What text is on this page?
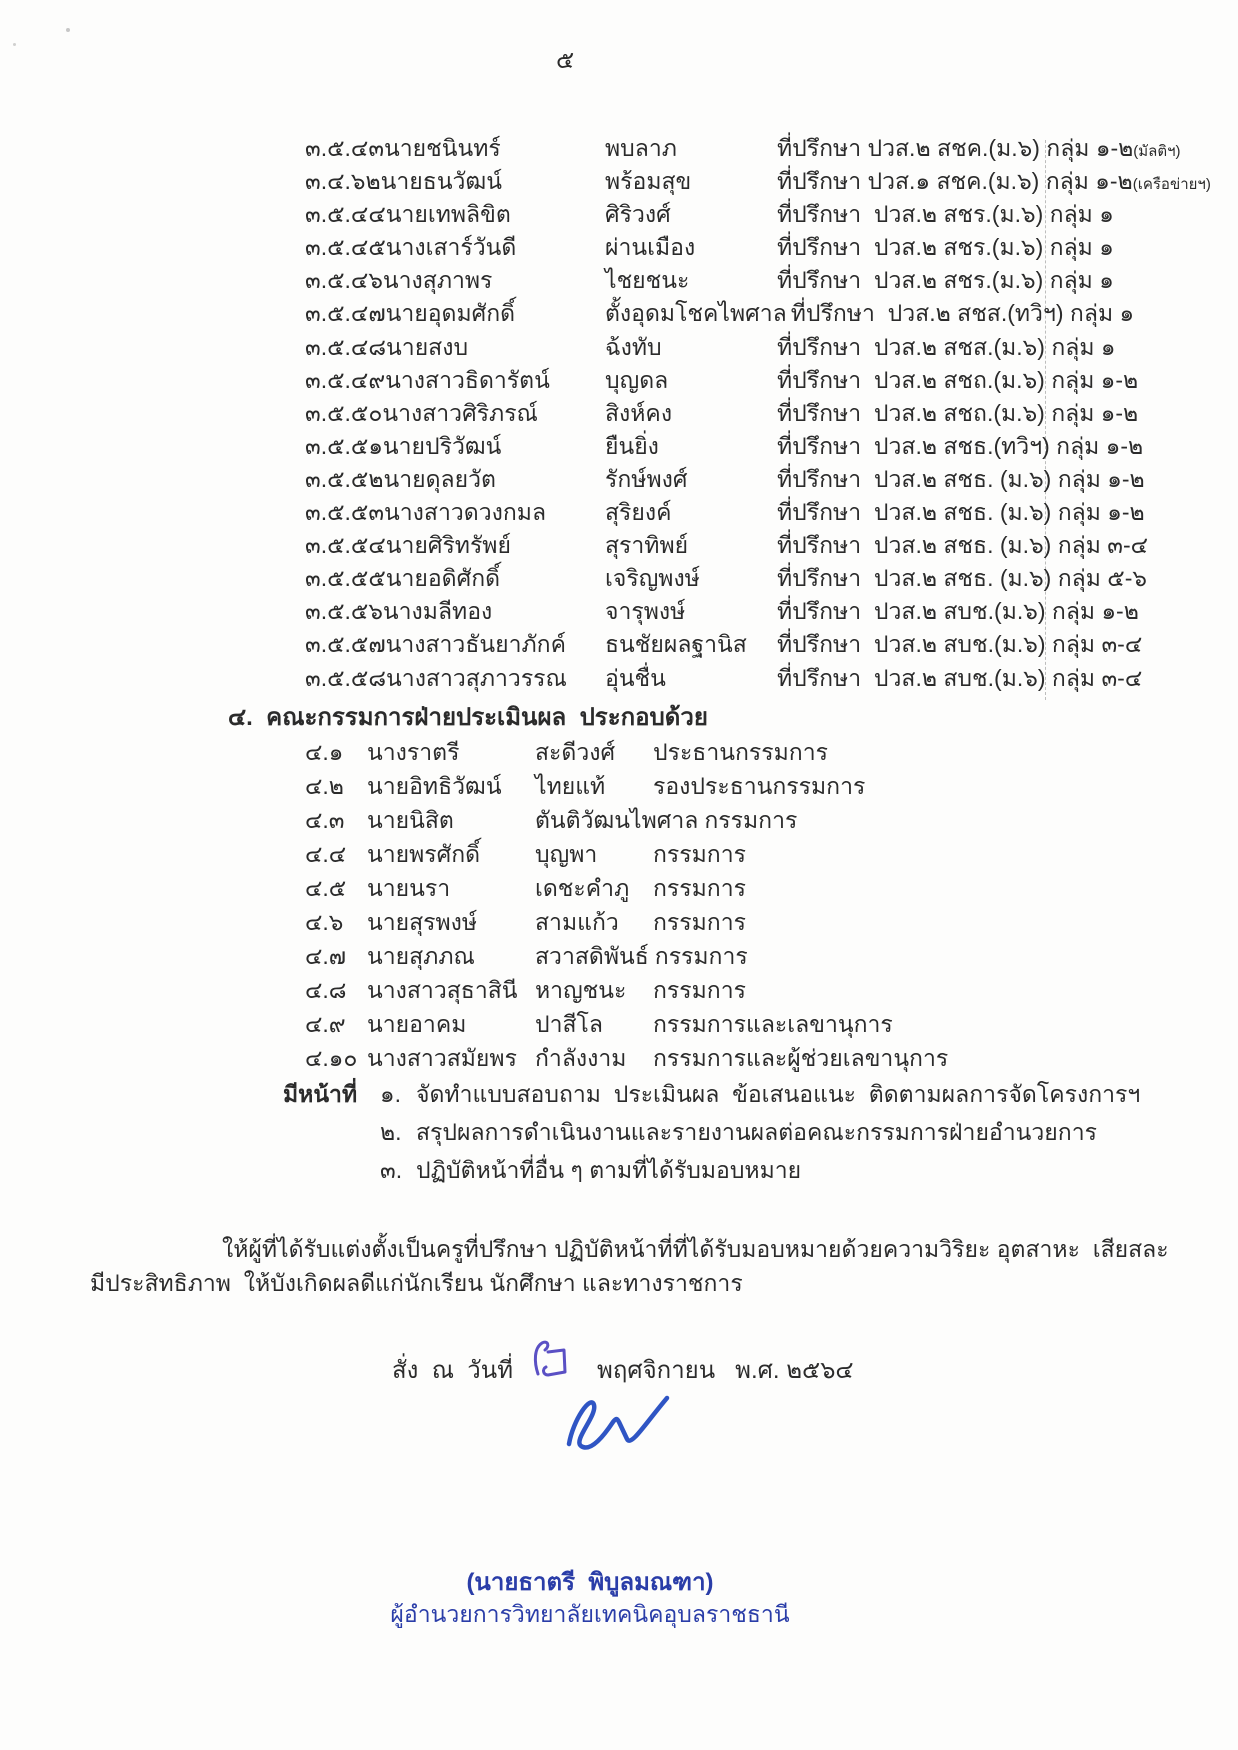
๕
๓.๕.๔๓นายชนินทร์	พบลาภ	ที่ปรึกษา ปวส.๒ สชค.(ม.๖) กลุ่ม ๑-๒(มัลติฯ)
๓.๔.๖๒นายธนวัฒน์	พร้อมสุข	ที่ปรึกษา ปวส.๑ สชค.(ม.๖) กลุ่ม ๑-๒(เครือข่ายฯ)
๓.๕.๔๔นายเทพลิขิต	ศิริวงศ์	ที่ปรึกษา  ปวส.๒ สชร.(ม.๖) กลุ่ม ๑
๓.๕.๔๕นางเสาร์วันดี	ผ่านเมือง	ที่ปรึกษา  ปวส.๒ สชร.(ม.๖) กลุ่ม ๑
๓.๕.๔๖นางสุภาพร	ไชยชนะ	ที่ปรึกษา  ปวส.๒ สชร.(ม.๖) กลุ่ม ๑
๓.๕.๔๗นายอุดมศักดิ์	ตั้งอุดมโชคไพศาล ที่ปรึกษา  ปวส.๒ สชส.(ทวิฯ) กลุ่ม ๑
๓.๕.๔๘นายสงบ	ฉ้งทับ	ที่ปรึกษา  ปวส.๒ สชส.(ม.๖) กลุ่ม ๑
๓.๕.๔๙นางสาวธิดารัตน์	บุญดล	ที่ปรึกษา  ปวส.๒ สชถ.(ม.๖) กลุ่ม ๑-๒
๓.๕.๕๐นางสาวศิริภรณ์	สิงห์คง	ที่ปรึกษา  ปวส.๒ สชถ.(ม.๖) กลุ่ม ๑-๒
๓.๕.๕๑นายปริวัฒน์	ยืนยิ่ง	ที่ปรึกษา  ปวส.๒ สชธ.(ทวิฯ) กลุ่ม ๑-๒
๓.๕.๕๒นายดุลยวัต	รักษ์พงศ์	ที่ปรึกษา  ปวส.๒ สชธ. (ม.๖) กลุ่ม ๑-๒
๓.๕.๕๓นางสาวดวงกมล	สุริยงค์	ที่ปรึกษา  ปวส.๒ สชธ. (ม.๖) กลุ่ม ๑-๒
๓.๕.๕๔นายศิริทรัพย์	สุราทิพย์	ที่ปรึกษา  ปวส.๒ สชธ. (ม.๖) กลุ่ม ๓-๔
๓.๕.๕๕นายอดิศักดิ์	เจริญพงษ์	ที่ปรึกษา  ปวส.๒ สชธ. (ม.๖) กลุ่ม ๕-๖
๓.๕.๕๖นางมลีทอง	จารุพงษ์	ที่ปรึกษา  ปวส.๒ สบช.(ม.๖) กลุ่ม ๑-๒
๓.๕.๕๗นางสาวธันยาภักค์	ธนชัยผลฐานิส	ที่ปรึกษา  ปวส.๒ สบช.(ม.๖) กลุ่ม ๓-๔
๓.๕.๕๘นางสาวสุภาวรรณ	อุ่นชื่น	ที่ปรึกษา  ปวส.๒ สบช.(ม.๖) กลุ่ม ๓-๔
๔.  คณะกรรมการฝ่ายประเมินผล  ประกอบด้วย
๔.๑	นางราตรี	สะดีวงศ์	ประธานกรรมการ
๔.๒	นายอิทธิวัฒน์	ไทยแท้	รองประธานกรรมการ
๔.๓ นายนิสิต	ตันติวัฒนไพศาล กรรมการ
๔.๔ นายพรศักดิ์	บุญพา	กรรมการ
๔.๕ นายนรา	เดชะคำภู	กรรมการ
๔.๖	นายสุรพงษ์	สามแก้ว	กรรมการ
๔.๗ นายสุภภณ	สวาสดิพันธ์ กรรมการ
๔.๘ นางสาวสุธาสินี หาญชนะ	กรรมการ
๔.๙ นายอาคม	ปาสีโล	กรรมการและเลขานุการ
๔.๑๐ นางสาวสมัยพร กำลังงาม	กรรมการและผู้ช่วยเลขานุการ
มีหน้าที่ ๑. จัดทำแบบสอบถาม  ประเมินผล  ข้อเสนอแนะ  ติดตามผลการจัดโครงการฯ
๒. สรุปผลการดำเนินงานและรายงานผลต่อคณะกรรมการฝ่ายอำนวยการ
๓. ปฏิบัติหน้าที่อื่น ๆ ตามที่ได้รับมอบหมาย
ให้ผู้ที่ได้รับแต่งตั้งเป็นครูที่ปรึกษา ปฏิบัติหน้าที่ที่ได้รับมอบหมายด้วยความวิริยะ อุตสาหะ  เสียสละ
มีประสิทธิภาพ  ให้บังเกิดผลดีแก่นักเรียน นักศึกษา และทางราชการ
สั่ง  ณ  วันที่	พฤศจิกายน   พ.ศ. ๒๕๖๔
(นายธาตรี  พิบูลมณฑา)
ผู้อำนวยการวิทยาลัยเทคนิคอุบลราชธานี
